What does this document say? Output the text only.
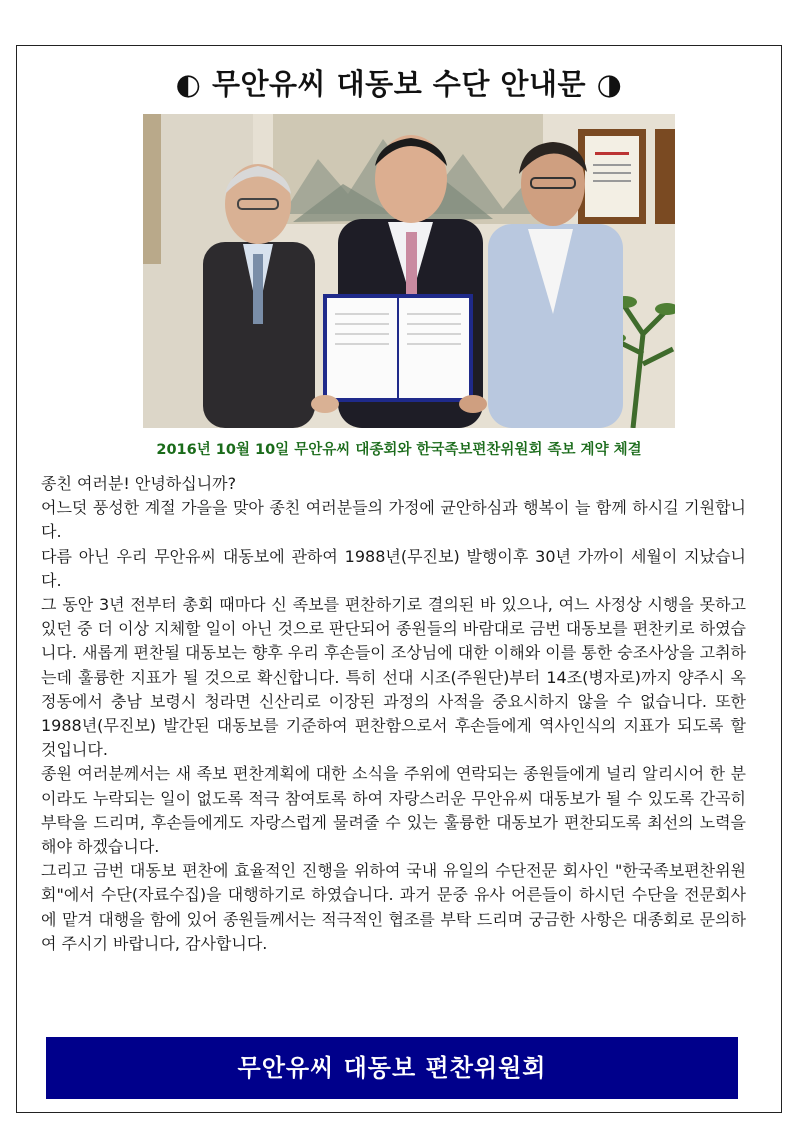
◐ 무안유씨 대동보 수단 안내문 ◑
2016년 10월 10일 무안유씨 대종회와 한국족보편찬위원회 족보 계약 체결

종친 여러분! 안녕하십니까?

어느덧 풍성한 계절 가을을 맞아 종친 여러분들의 가정에 균안하심과 행복이 늘 함께 하시길 기원합니다.

다름 아닌 우리 무안유씨 대동보에 관하여 1988년(무진보) 발행이후 30년 가까이 세월이 지났습니다.

그 동안 3년 전부터 총회 때마다 신 족보를 편찬하기로 결의된 바 있으나, 여느 사정상 시행을 못하고 있던 중 더 이상 지체할 일이 아닌 것으로 판단되어 종원들의 바람대로 금번 대동보를 편찬키로 하였습니다. 새롭게 편찬될 대동보는 향후 우리 후손들이 조상님에 대한 이해와 이를 통한 숭조사상을 고취하는데 훌륭한 지표가 될 것으로 확신합니다. 특히 선대 시조(주원단)부터 14조(병자로)까지 양주시 옥정동에서 충남 보령시 청라면 신산리로 이장된 과정의 사적을 중요시하지 않을 수 없습니다. 또한 1988년(무진보) 발간된 대동보를 기준하여 편찬함으로서 후손들에게 역사인식의 지표가 되도록 할 것입니다.

종원 여러분께서는 새 족보 편찬계획에 대한 소식을 주위에 연락되는 종원들에게 널리 알리시어 한 분이라도 누락되는 일이 없도록 적극 참여토록 하여 자랑스러운 무안유씨 대동보가 될 수 있도록 간곡히 부탁을 드리며, 후손들에게도 자랑스럽게 물려줄 수 있는 훌륭한 대동보가 편찬되도록 최선의 노력을 해야 하겠습니다.

그리고 금번 대동보 편찬에 효율적인 진행을 위하여 국내 유일의 수단전문 회사인 "한국족보편찬위원회"에서 수단(자료수집)을 대행하기로 하였습니다. 과거 문중 유사 어른들이 하시던 수단을 전문회사에 맡겨 대행을 함에 있어 종원들께서는 적극적인 협조를 부탁 드리며 궁금한 사항은 대종회로 문의하여 주시기 바랍니다, 감사합니다.

무안유씨 대동보 편찬위원회
